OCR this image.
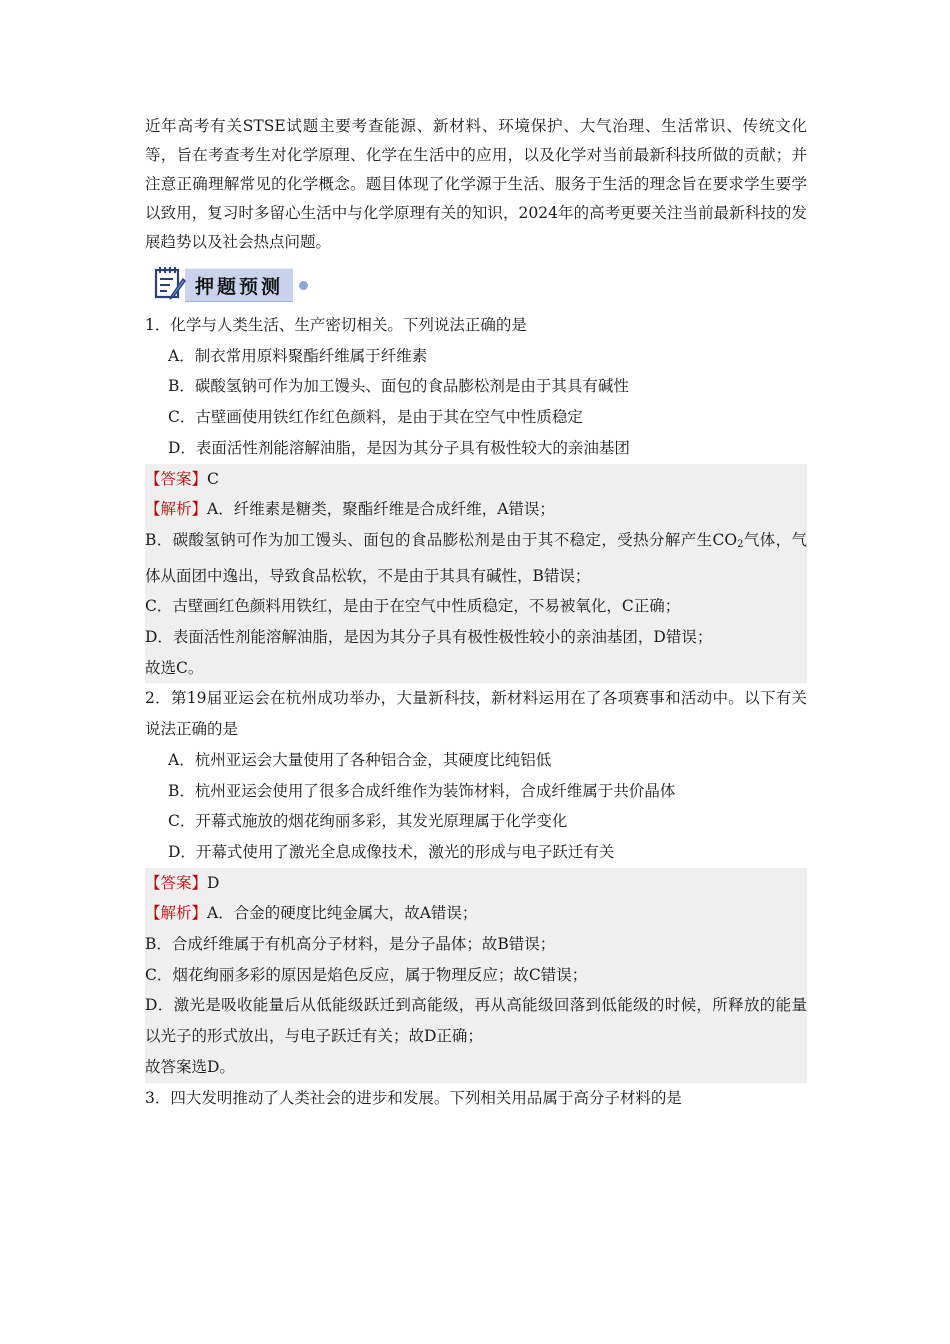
近年高考有关STSE试题主要考查能源、新材料、环境保护、大气治理、生活常识、传统文化等，旨在考查考生对化学原理、化学在生活中的应用，以及化学对当前最新科技所做的贡献；并注意正确理解常见的化学概念。题目体现了化学源于生活、服务于生活的理念旨在要求学生要学以致用，复习时多留心生活中与化学原理有关的知识，2024年的高考更要关注当前最新科技的发展趋势以及社会热点问题。

押题预测

1．化学与人类生活、生产密切相关。下列说法正确的是

A．制衣常用原料聚酯纤维属于纤维素

B．碳酸氢钠可作为加工馒头、面包的食品膨松剂是由于其具有碱性

C．古壁画使用铁红作红色颜料，是由于其在空气中性质稳定

D．表面活性剂能溶解油脂，是因为其分子具有极性较大的亲油基团

【答案】C

【解析】A．纤维素是糖类，聚酯纤维是合成纤维，A错误；

B．碳酸氢钠可作为加工馒头、面包的食品膨松剂是由于其不稳定，受热分解产生$CO_2$气体，气体从面团中逸出，导致食品松软，不是由于其具有碱性，B错误；

C．古壁画红色颜料用铁红，是由于在空气中性质稳定，不易被氧化，C正确；

D．表面活性剂能溶解油脂，是因为其分子具有极性极性较小的亲油基团，D错误；

故选C。

2．第19届亚运会在杭州成功举办，大量新科技，新材料运用在了各项赛事和活动中。以下有关说法正确的是

A．杭州亚运会大量使用了各种铝合金，其硬度比纯铝低

B．杭州亚运会使用了很多合成纤维作为装饰材料，合成纤维属于共价晶体

C．开幕式施放的烟花绚丽多彩，其发光原理属于化学变化

D．开幕式使用了激光全息成像技术，激光的形成与电子跃迁有关

【答案】D

【解析】A．合金的硬度比纯金属大，故A错误；

B．合成纤维属于有机高分子材料，是分子晶体；故B错误；

C．烟花绚丽多彩的原因是焰色反应，属于物理反应；故C错误；

D．激光是吸收能量后从低能级跃迁到高能级，再从高能级回落到低能级的时候，所释放的能量以光子的形式放出，与电子跃迁有关；故D正确；

故答案选D。

3．四大发明推动了人类社会的进步和发展。下列相关用品属于高分子材料的是
